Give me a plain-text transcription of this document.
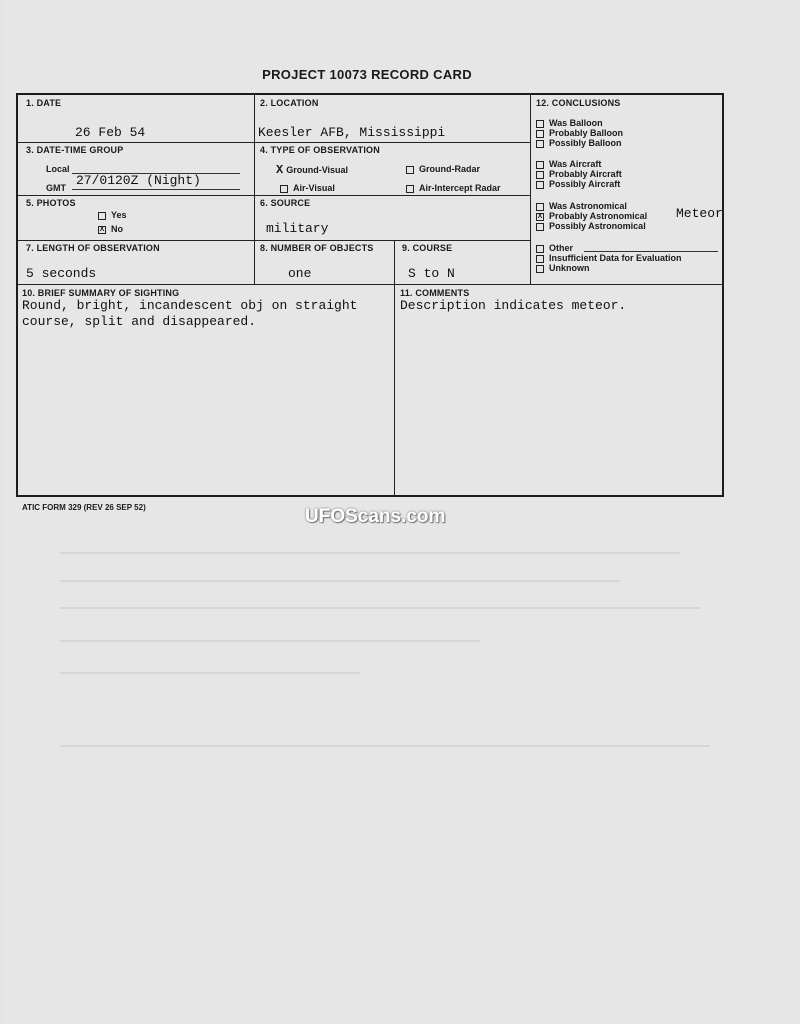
PROJECT 10073 RECORD CARD
1. DATE
26 Feb 54
2. LOCATION
Keesler AFB, Mississippi
3. DATE-TIME GROUP
Local
27/0120Z (Night)
GMT
4. TYPE OF OBSERVATION
X Ground-Visual	Ground-Radar
Air-Visual	Air-Intercept Radar
5. PHOTOS
Yes
X No
6. SOURCE
military
7. LENGTH OF OBSERVATION
5 seconds
8. NUMBER OF OBJECTS
one
9. COURSE
S to N
10. BRIEF SUMMARY OF SIGHTING
Round, bright, incandescent obj on straight
course, split and disappeared.
11. COMMENTS
Description indicates meteor.
12. CONCLUSIONS
Was Balloon
Probably Balloon
Possibly Balloon
Was Aircraft
Probably Aircraft
Possibly Aircraft
Was Astronomical
X Probably Astronomical
Possibly Astronomical
Meteor
Other
Insufficient Data for Evaluation
Unknown
ATIC FORM 329 (REV 26 SEP 52)	UFOScans.com
